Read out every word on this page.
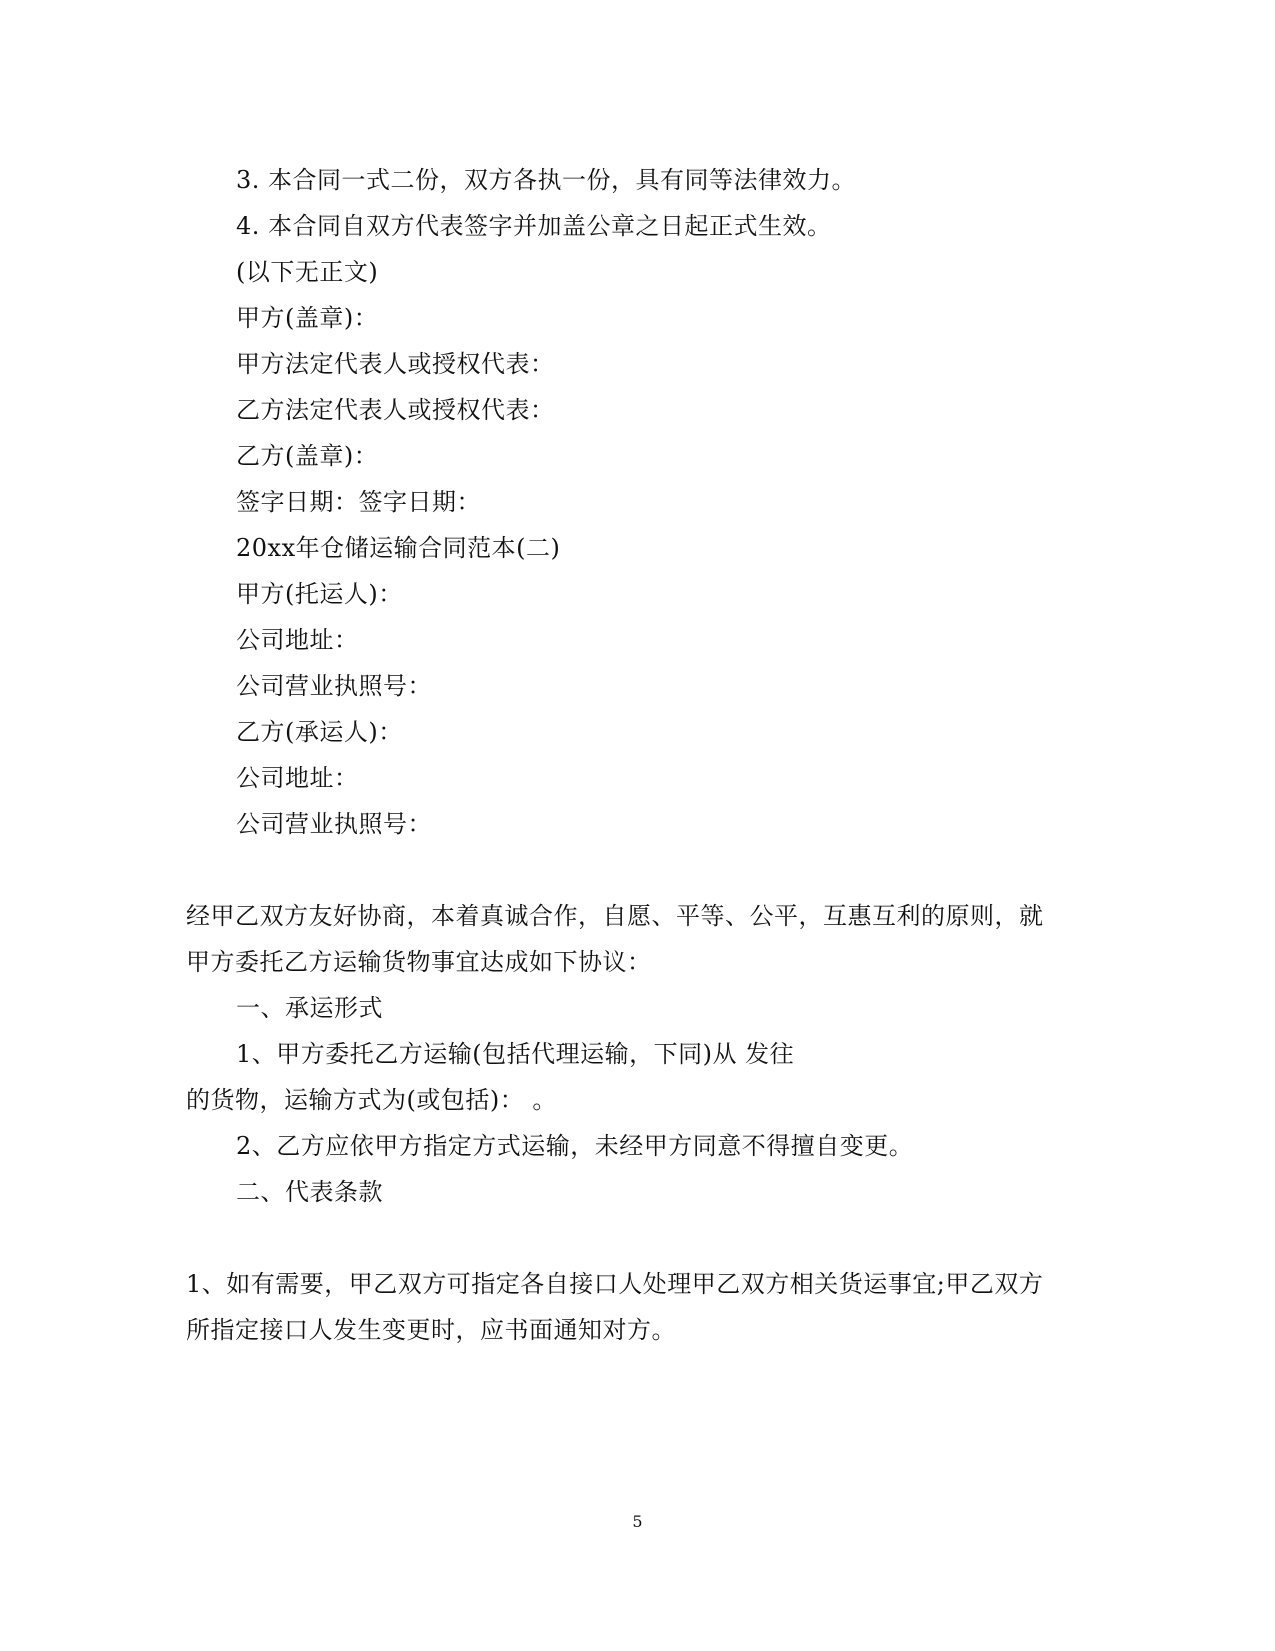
3. 本合同一式二份，双方各执一份，具有同等法律效力。
4. 本合同自双方代表签字并加盖公章之日起正式生效。
(以下无正文)
甲方(盖章)：
甲方法定代表人或授权代表：
乙方法定代表人或授权代表：
乙方(盖章)：
签字日期：签字日期：
20xx年仓储运输合同范本(二)
甲方(托运人)：
公司地址：
公司营业执照号：
乙方(承运人)：
公司地址：
公司营业执照号：
经甲乙双方友好协商，本着真诚合作，自愿、平等、公平，互惠互利的原则，就
甲方委托乙方运输货物事宜达成如下协议：
一、承运形式
1、甲方委托乙方运输(包括代理运输，下同)从 发往
的货物，运输方式为(或包括)： 。
2、乙方应依甲方指定方式运输，未经甲方同意不得擅自变更。
二、代表条款
1、如有需要，甲乙双方可指定各自接口人处理甲乙双方相关货运事宜;甲乙双方
所指定接口人发生变更时，应书面通知对方。
5
